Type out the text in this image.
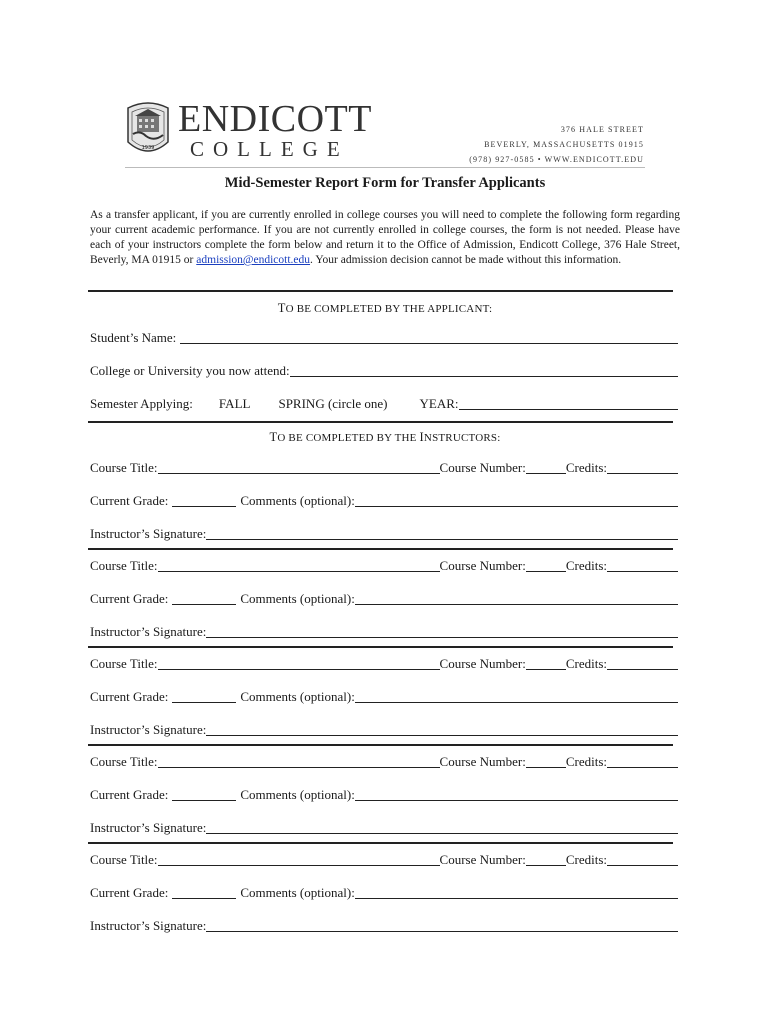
1939
ENDICOTT
COLLEGE
376 HALE STREET
BEVERLY, MASSACHUSETTS 01915
(978) 927-0585 • WWW.ENDICOTT.EDU
Mid-Semester Report Form for Transfer Applicants
As a transfer applicant, if you are currently enrolled in college courses you will need to complete the following form regarding your current academic performance. If you are not currently enrolled in college courses, the form is not needed. Please have each of your instructors complete the form below and return it to the Office of Admission, Endicott College, 376 Hale Street, Beverly, MA 01915 or admission@endicott.edu. Your admission decision cannot be made without this information.
TO BE COMPLETED BY THE APPLICANT:
Student’s Name:
College or University you now attend:
Semester Applying: FALL SPRING (circle one) YEAR:
TO BE COMPLETED BY THE INSTRUCTORS:
Course Title:	Course Number:	Credits:
Current Grade:	Comments (optional):
Instructor’s Signature:
Course Title:	Course Number:	Credits:
Current Grade:	Comments (optional):
Instructor’s Signature:
Course Title:	Course Number:	Credits:
Current Grade:	Comments (optional):
Instructor’s Signature:
Course Title:	Course Number:	Credits:
Current Grade:	Comments (optional):
Instructor’s Signature:
Course Title:	Course Number:	Credits:
Current Grade:	Comments (optional):
Instructor’s Signature:
